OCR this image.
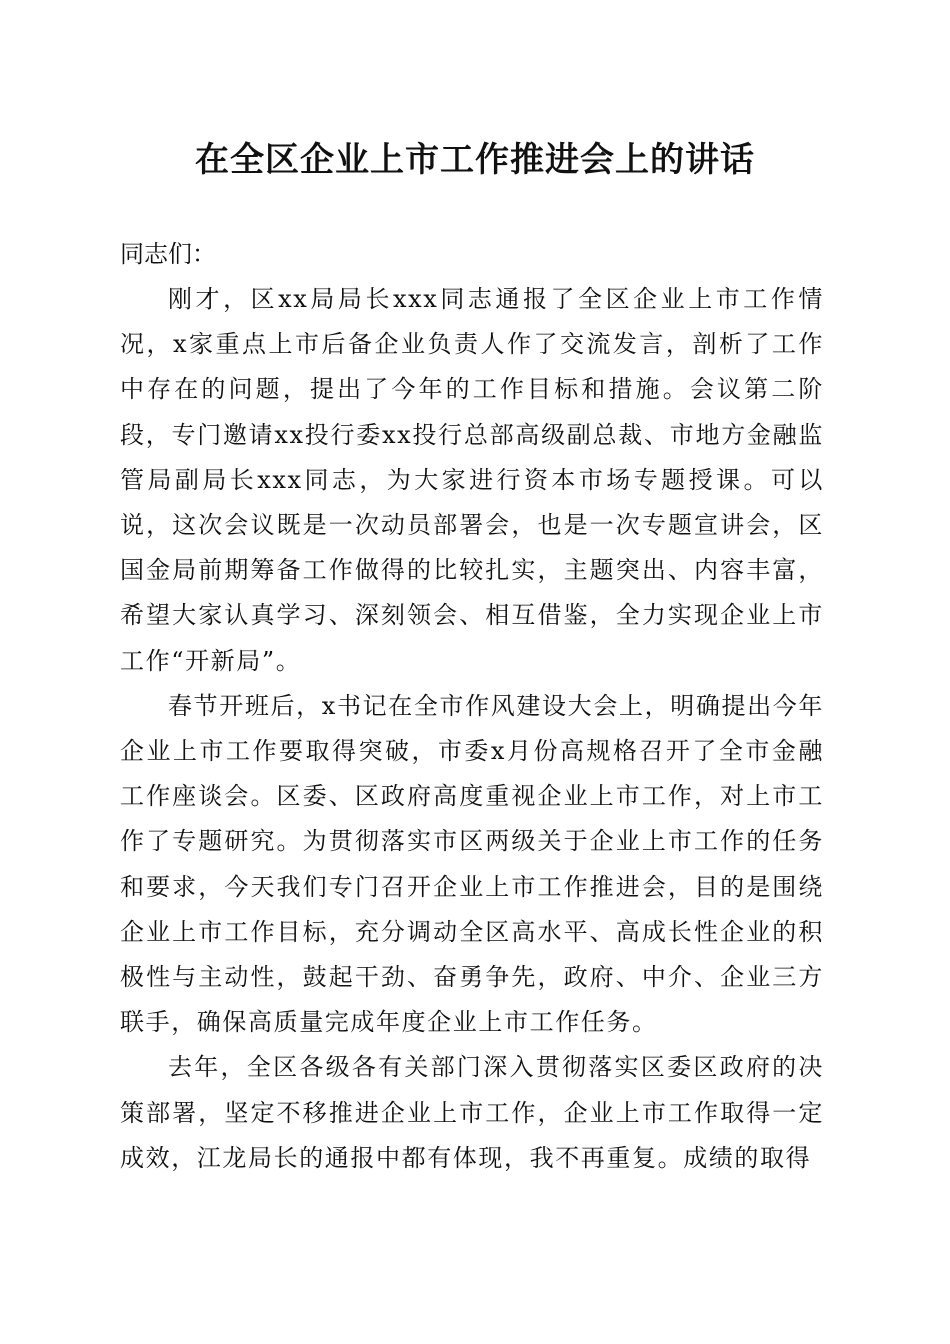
在全区企业上市工作推进会上的讲话

同志们：

刚才，区xx局局长xxx同志通报了全区企业上市工作情况，x家重点上市后备企业负责人作了交流发言，剖析了工作中存在的问题，提出了今年的工作目标和措施。会议第二阶段，专门邀请xx投行委xx投行总部高级副总裁、市地方金融监管局副局长xxx同志，为大家进行资本市场专题授课。可以说，这次会议既是一次动员部署会，也是一次专题宣讲会，区国金局前期筹备工作做得的比较扎实，主题突出、内容丰富，希望大家认真学习、深刻领会、相互借鉴，全力实现企业上市工作“开新局”。

春节开班后，x书记在全市作风建设大会上，明确提出今年企业上市工作要取得突破，市委x月份高规格召开了全市金融工作座谈会。区委、区政府高度重视企业上市工作，对上市工作了专题研究。为贯彻落实市区两级关于企业上市工作的任务和要求，今天我们专门召开企业上市工作推进会，目的是围绕企业上市工作目标，充分调动全区高水平、高成长性企业的积极性与主动性，鼓起干劲、奋勇争先，政府、中介、企业三方联手，确保高质量完成年度企业上市工作任务。

去年，全区各级各有关部门深入贯彻落实区委区政府的决策部署，坚定不移推进企业上市工作，企业上市工作取得一定成效，江龙局长的通报中都有体现，我不再重复。成绩的取得
